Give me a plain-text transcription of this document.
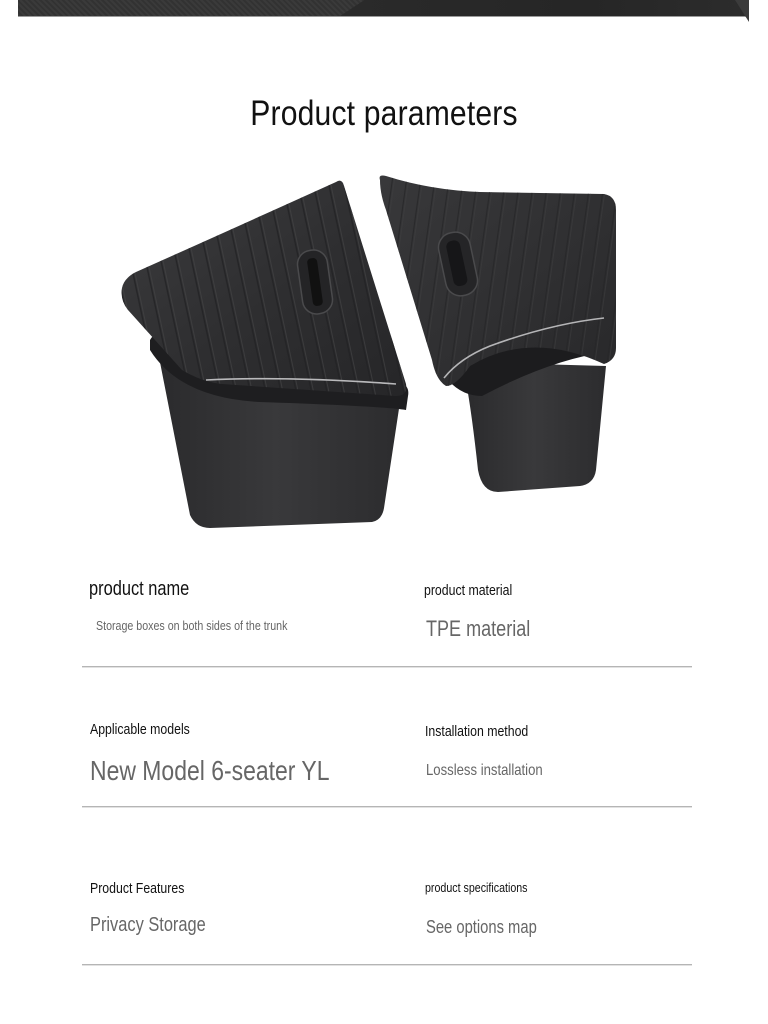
Product parameters
product name
Storage boxes on both sides of the trunk
product material
TPE material
Applicable models
New Model 6-seater YL
Installation method
Lossless installation
Product Features
Privacy Storage
product specifications
See options map
